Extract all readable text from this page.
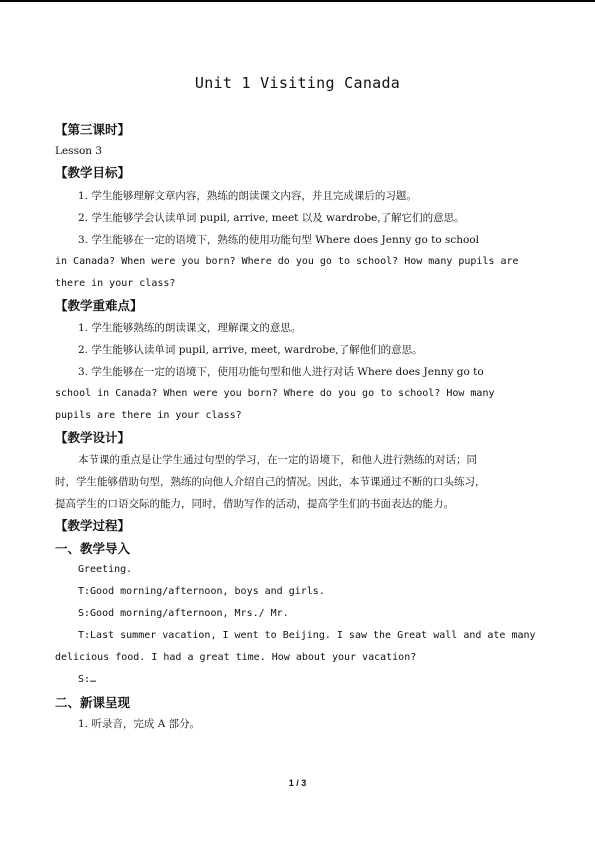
Unit 1 Visiting Canada
【第三课时】
Lesson 3
【教学目标】
1. 学生能够理解文章内容，熟练的朗读课文内容，并且完成课后的习题。
2. 学生能够学会认读单词 pupil, arrive, meet 以及 wardrobe,了解它们的意思。
3. 学生能够在一定的语境下，熟练的使用功能句型 Where does Jenny go to school
in Canada? When were you born? Where do you go to school? How many pupils are
there in your class?
【教学重难点】
1. 学生能够熟练的朗读课文，理解课文的意思。
2. 学生能够认读单词 pupil, arrive, meet, wardrobe,了解他们的意思。
3. 学生能够在一定的语境下，使用功能句型和他人进行对话 Where does Jenny go to
school in Canada? When were you born? Where do you go to school? How many
pupils are there in your class?
【教学设计】
本节课的重点是让学生通过句型的学习，在一定的语境下，和他人进行熟练的对话；同
时，学生能够借助句型，熟练的向他人介绍自己的情况。因此，本节课通过不断的口头练习，
提高学生的口语交际的能力，同时，借助写作的活动，提高学生们的书面表达的能力。
【教学过程】
一、教学导入
Greeting.
T:Good morning/afternoon, boys and girls.
S:Good morning/afternoon, Mrs./ Mr.
T:Last summer vacation, I went to Beijing. I saw the Great wall and ate many
delicious food. I had a great time. How about your vacation?
S:…
二、新课呈现
1. 听录音，完成 A 部分。
1 / 3
